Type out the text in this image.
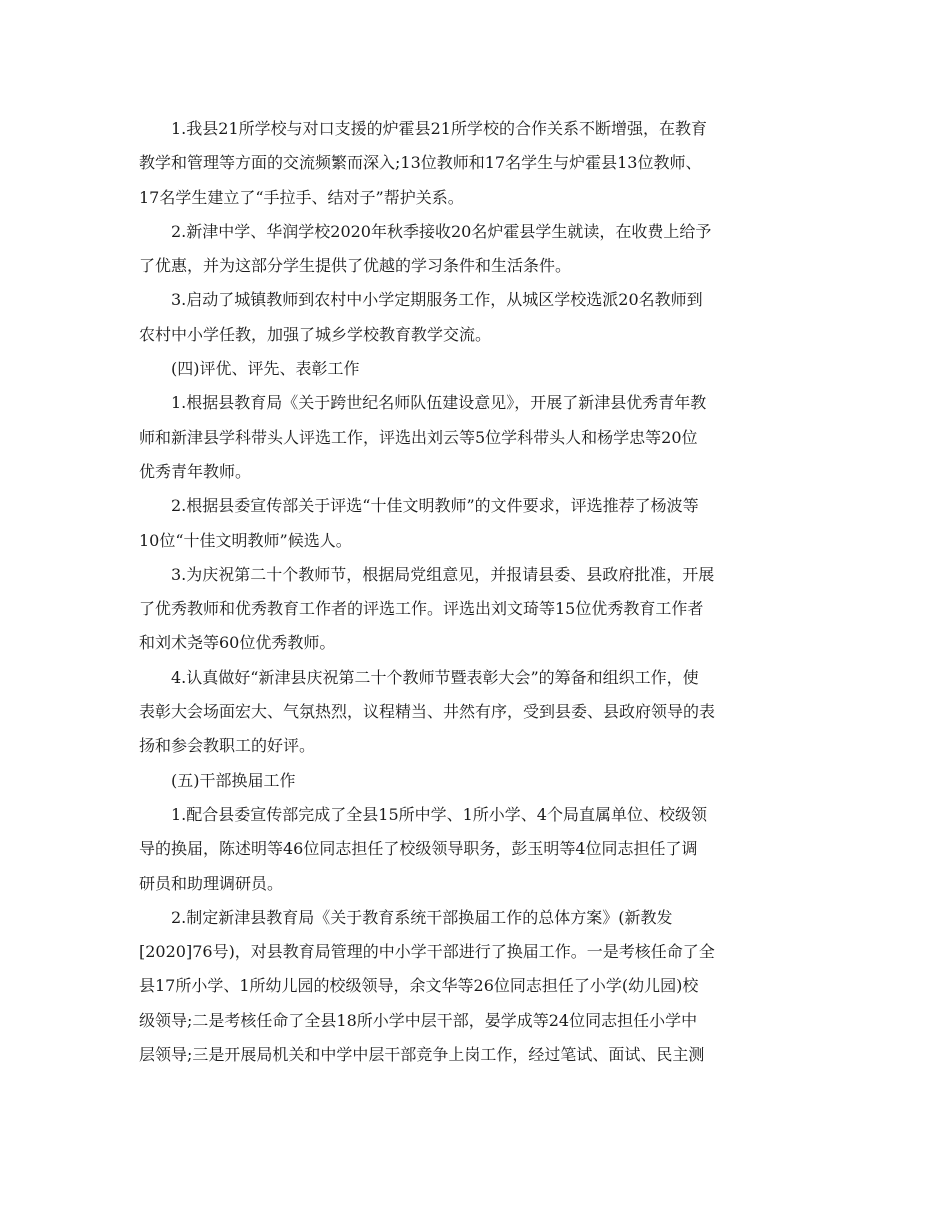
1.我县21所学校与对口支援的炉霍县21所学校的合作关系不断增强，在教育
教学和管理等方面的交流频繁而深入;13位教师和17名学生与炉霍县13位教师、
17名学生建立了“手拉手、结对子”帮护关系。

2.新津中学、华润学校2020年秋季接收20名炉霍县学生就读，在收费上给予
了优惠，并为这部分学生提供了优越的学习条件和生活条件。

3.启动了城镇教师到农村中小学定期服务工作，从城区学校选派20名教师到
农村中小学任教，加强了城乡学校教育教学交流。

(四)评优、评先、表彰工作

1.根据县教育局《关于跨世纪名师队伍建设意见》，开展了新津县优秀青年教
师和新津县学科带头人评选工作，评选出刘云等5位学科带头人和杨学忠等20位
优秀青年教师。

2.根据县委宣传部关于评选“十佳文明教师”的文件要求，评选推荐了杨波等
10位“十佳文明教师”候选人。

3.为庆祝第二十个教师节，根据局党组意见，并报请县委、县政府批准，开展
了优秀教师和优秀教育工作者的评选工作。评选出刘文琦等15位优秀教育工作者
和刘术尧等60位优秀教师。

4.认真做好“新津县庆祝第二十个教师节暨表彰大会”的筹备和组织工作，使
表彰大会场面宏大、气氛热烈，议程精当、井然有序，受到县委、县政府领导的表
扬和参会教职工的好评。

(五)干部换届工作

1.配合县委宣传部完成了全县15所中学、1所小学、4个局直属单位、校级领
导的换届，陈述明等46位同志担任了校级领导职务，彭玉明等4位同志担任了调
研员和助理调研员。

2.制定新津县教育局《关于教育系统干部换届工作的总体方案》(新教发
[2020]76号)，对县教育局管理的中小学干部进行了换届工作。一是考核任命了全
县17所小学、1所幼儿园的校级领导，余文华等26位同志担任了小学(幼儿园)校
级领导;二是考核任命了全县18所小学中层干部，晏学成等24位同志担任小学中
层领导;三是开展局机关和中学中层干部竞争上岗工作，经过笔试、面试、民主测
